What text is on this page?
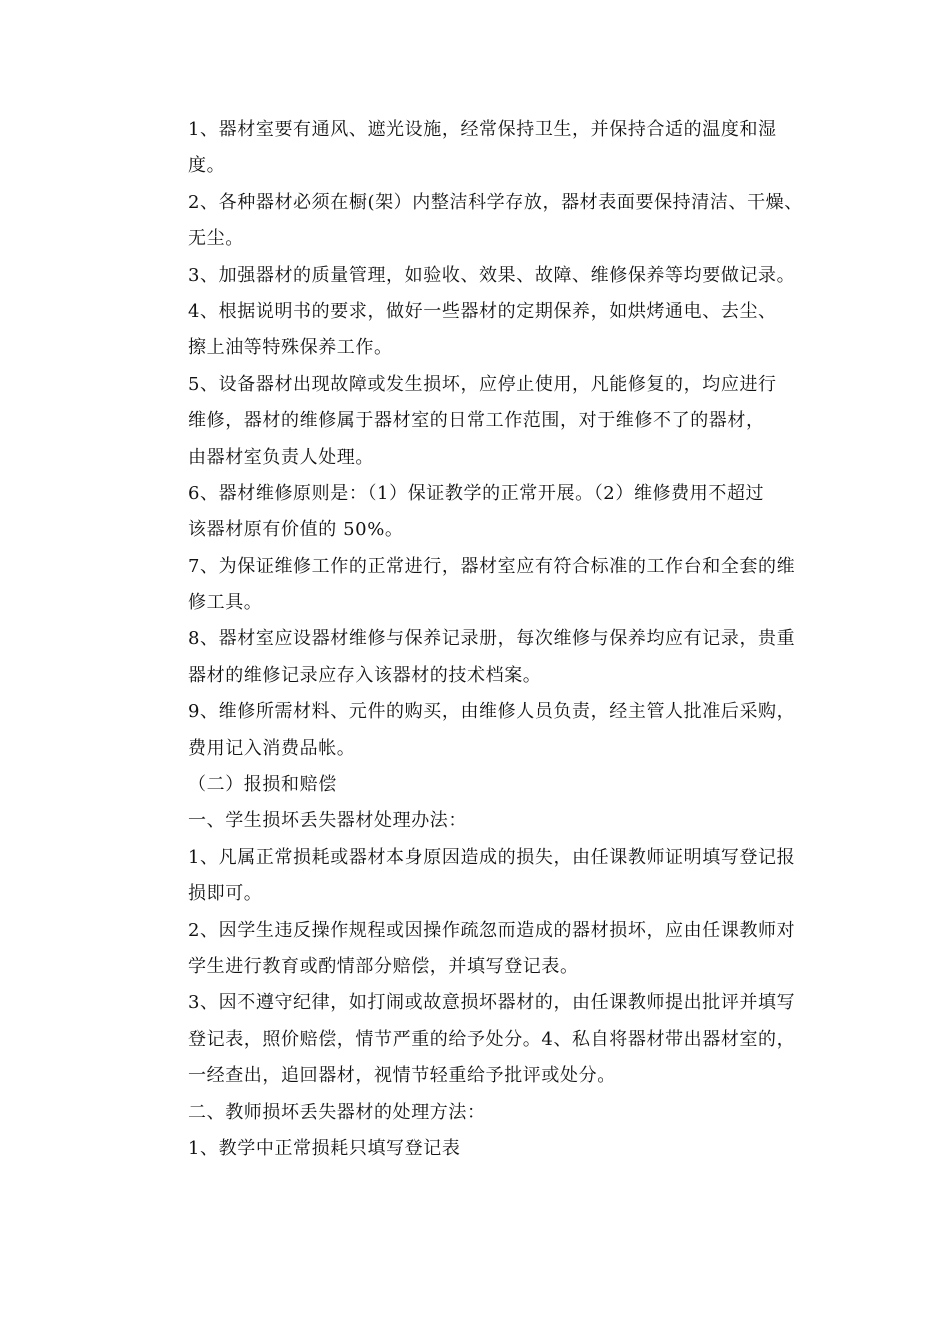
1、器材室要有通风、遮光设施，经常保持卫生，并保持合适的温度和湿
度。
2、各种器材必须在橱(架）内整洁科学存放，器材表面要保持清洁、干燥、
无尘。
3、加强器材的质量管理，如验收、效果、故障、维修保养等均要做记录。
4、根据说明书的要求，做好一些器材的定期保养，如烘烤通电、去尘、
擦上油等特殊保养工作。
5、设备器材出现故障或发生损坏，应停止使用，凡能修复的，均应进行
维修，器材的维修属于器材室的日常工作范围，对于维修不了的器材，
由器材室负责人处理。
6、器材维修原则是：（1）保证教学的正常开展。（2）维修费用不超过
该器材原有价值的 50%。
7、为保证维修工作的正常进行，器材室应有符合标准的工作台和全套的维
修工具。
8、器材室应设器材维修与保养记录册，每次维修与保养均应有记录，贵重
器材的维修记录应存入该器材的技术档案。
9、维修所需材料、元件的购买，由维修人员负责，经主管人批准后采购，
费用记入消费品帐。
（二）报损和赔偿
一、学生损坏丢失器材处理办法：
1、凡属正常损耗或器材本身原因造成的损失，由任课教师证明填写登记报
损即可。
2、因学生违反操作规程或因操作疏忽而造成的器材损坏，应由任课教师对
学生进行教育或酌情部分赔偿，并填写登记表。
3、因不遵守纪律，如打闹或故意损坏器材的，由任课教师提出批评并填写
登记表，照价赔偿，情节严重的给予处分。4、私自将器材带出器材室的，
一经查出，追回器材，视情节轻重给予批评或处分。
二、教师损坏丢失器材的处理方法：
1、教学中正常损耗只填写登记表
